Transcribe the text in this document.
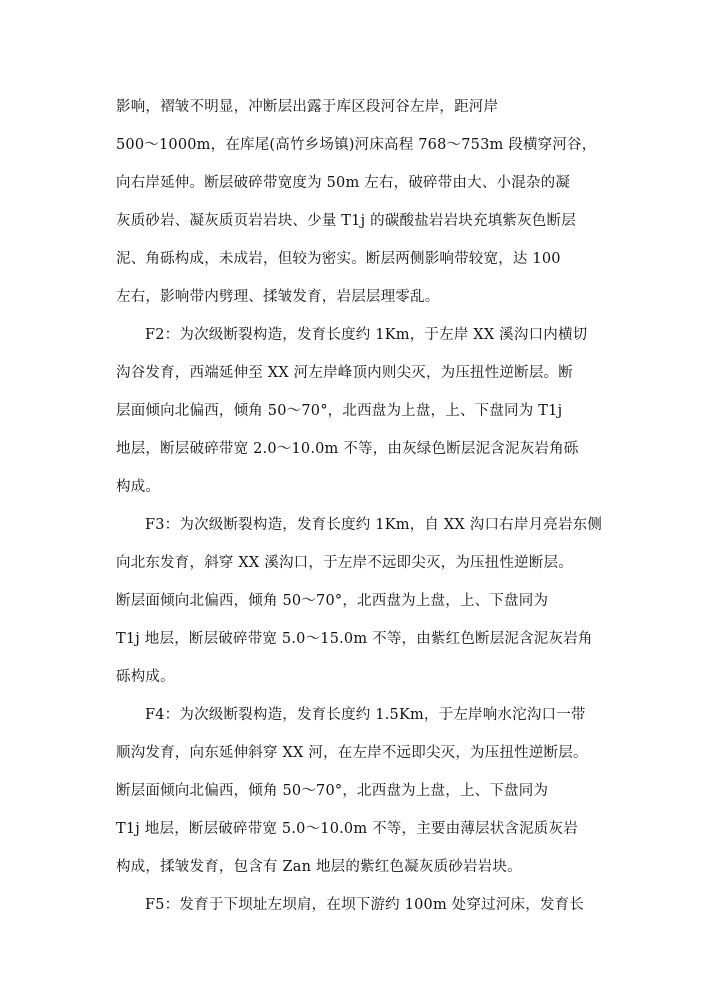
影响，褶皱不明显，冲断层出露于库区段河谷左岸，距河岸
500～1000m，在库尾(高竹乡场镇)河床高程 768～753m 段横穿河谷，
向右岸延伸。断层破碎带宽度为 50m 左右，破碎带由大、小混杂的凝
灰质砂岩、凝灰质页岩岩块、少量 T1j 的碳酸盐岩岩块充填紫灰色断层
泥、角砾构成，未成岩，但较为密实。断层两侧影响带较宽，达 100
左右，影响带内劈理、揉皱发育，岩层层理零乱。
F2：为次级断裂构造，发育长度约 1Km，于左岸 XX 溪沟口内横切
沟谷发育，西端延伸至 XX 河左岸峰顶内则尖灭，为压扭性逆断层。断
层面倾向北偏西，倾角 50～70°，北西盘为上盘，上、下盘同为 T1j
地层，断层破碎带宽 2.0～10.0m 不等，由灰绿色断层泥含泥灰岩角砾
构成。
F3：为次级断裂构造，发育长度约 1Km，自 XX 沟口右岸月亮岩东侧
向北东发育，斜穿 XX 溪沟口，于左岸不远即尖灭，为压扭性逆断层。
断层面倾向北偏西，倾角 50～70°，北西盘为上盘，上、下盘同为
T1j 地层，断层破碎带宽 5.0～15.0m 不等，由紫红色断层泥含泥灰岩角
砾构成。
F4：为次级断裂构造，发育长度约 1.5Km，于左岸响水沱沟口一带
顺沟发育，向东延伸斜穿 XX 河，在左岸不远即尖灭，为压扭性逆断层。
断层面倾向北偏西，倾角 50～70°，北西盘为上盘，上、下盘同为
T1j 地层，断层破碎带宽 5.0～10.0m 不等，主要由薄层状含泥质灰岩
构成，揉皱发育，包含有 Zan 地层的紫红色凝灰质砂岩岩块。
F5：发育于下坝址左坝肩，在坝下游约 100m 处穿过河床，发育长
